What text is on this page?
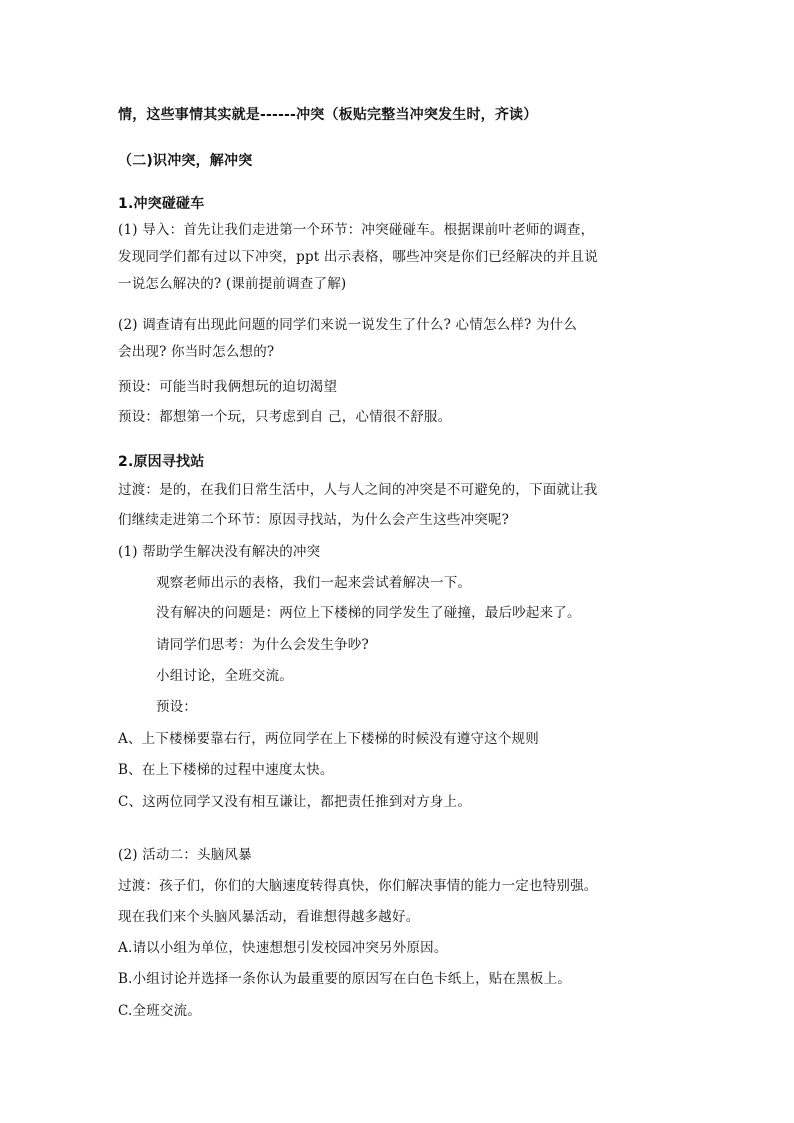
情，这些事情其实就是------冲突（板贴完整当冲突发生时，齐读）
（二)识冲突，解冲突
1.冲突碰碰车
(1) 导入：首先让我们走进第一个环节：冲突碰碰车。根据课前叶老师的调查，
发现同学们都有过以下冲突，ppt 出示表格，哪些冲突是你们已经解决的并且说
一说怎么解决的? (课前提前调查了解)
(2) 调查请有出现此问题的同学们来说一说发生了什么? 心情怎么样? 为什么
会出现? 你当时怎么想的?
预设：可能当时我俩想玩的迫切渴望
预设：都想第一个玩，只考虑到自 己，心情很不舒服。
2.原因寻找站
过渡：是的，在我们日常生活中，人与人之间的冲突是不可避免的，下面就让我
们继续走进第二个环节：原因寻找站，为什么会产生这些冲突呢?
(1) 帮助学生解决没有解决的冲突
观察老师出示的表格，我们一起来尝试着解决一下。
没有解决的问题是：两位上下楼梯的同学发生了碰撞，最后吵起来了。
请同学们思考：为什么会发生争吵?
小组讨论，全班交流。
预设：
A、上下楼梯要靠右行，两位同学在上下楼梯的时候没有遵守这个规则
B、在上下楼梯的过程中速度太快。
C、这两位同学又没有相互谦让，都把责任推到对方身上。
(2) 活动二：头脑风暴
过渡：孩子们，你们的大脑速度转得真快，你们解决事情的能力一定也特别强。
现在我们来个头脑风暴活动，看谁想得越多越好。
A.请以小组为单位，快速想想引发校园冲突另外原因。
B.小组讨论并选择一条你认为最重要的原因写在白色卡纸上，贴在黑板上。
C.全班交流。
